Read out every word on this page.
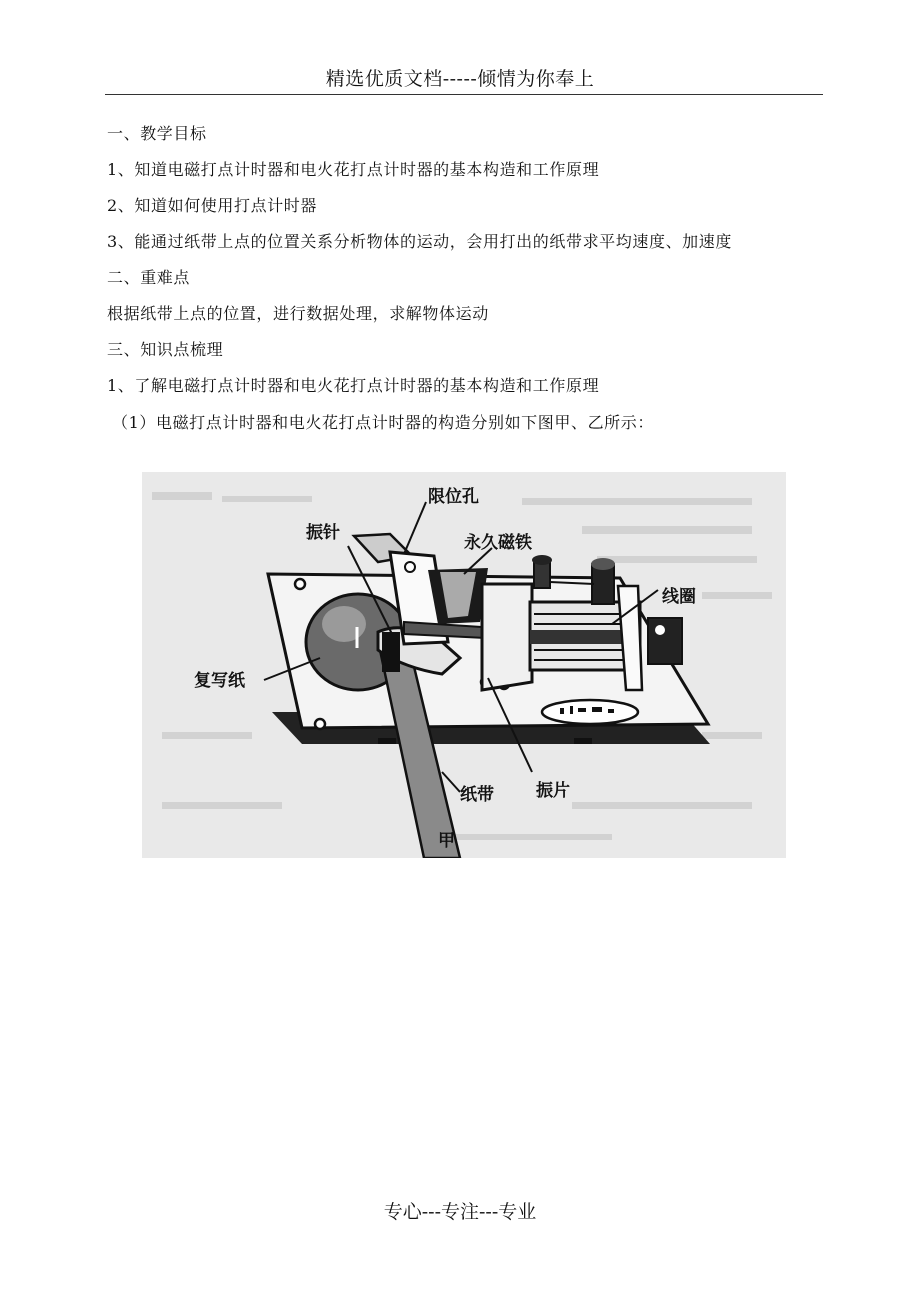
精选优质文档-----倾情为你奉上
一、教学目标
1、知道电磁打点计时器和电火花打点计时器的基本构造和工作原理
2、知道如何使用打点计时器
3、能通过纸带上点的位置关系分析物体的运动，会用打出的纸带求平均速度、加速度
二、重难点
根据纸带上点的位置，进行数据处理，求解物体运动
三、知识点梳理
1、了解电磁打点计时器和电火花打点计时器的基本构造和工作原理
（1）电磁打点计时器和电火花打点计时器的构造分别如下图甲、乙所示：
限位孔
振针
永久磁铁
线圈
复写纸
纸带 振片
甲
专心---专注---专业
